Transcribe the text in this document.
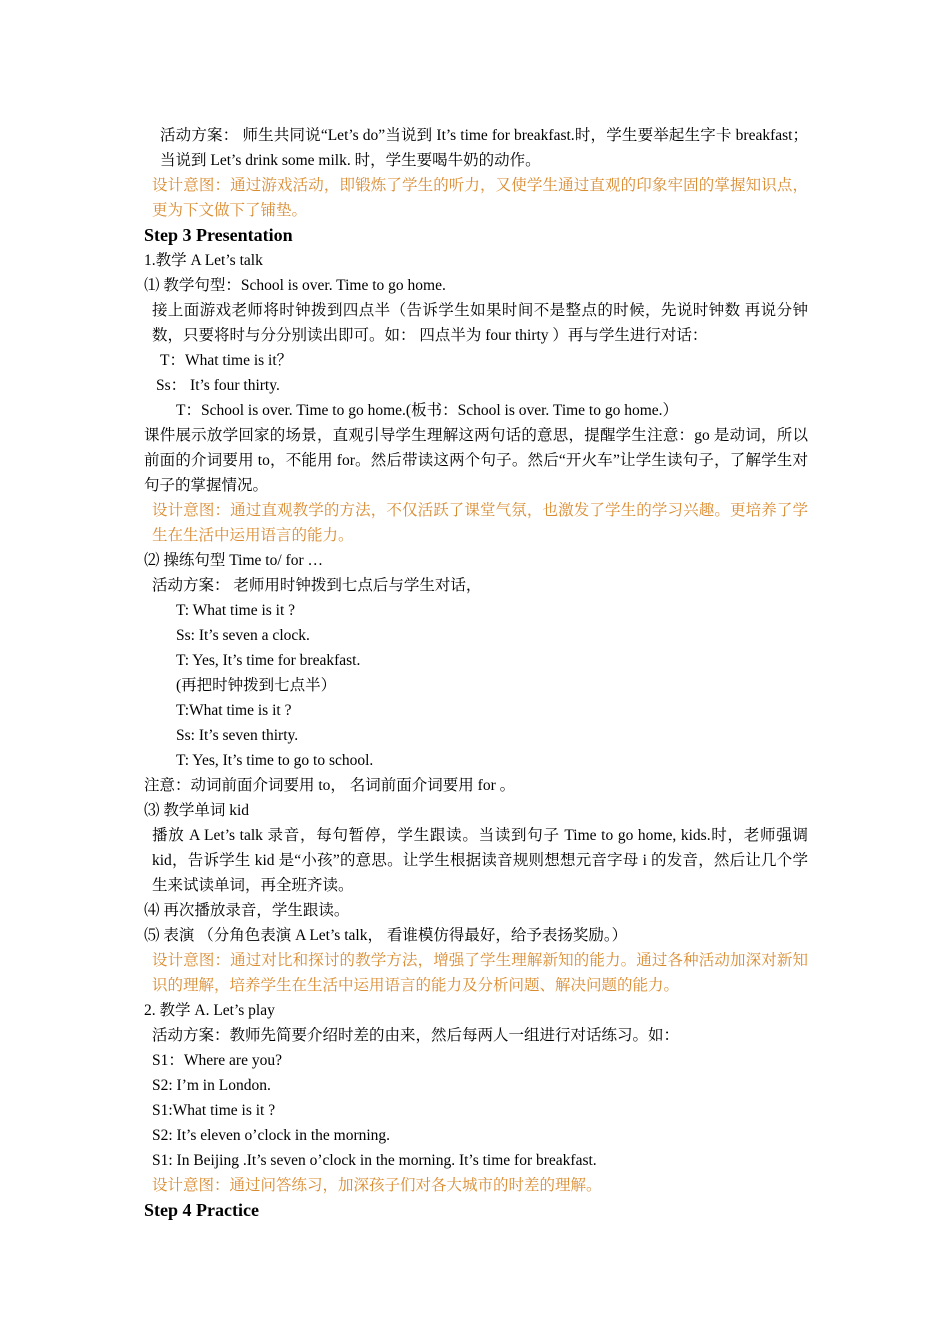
活动方案： 师生共同说“Let’s do”当说到 It’s time for breakfast.时，学生要举起生字卡 breakfast； 当说到 Let’s drink some milk. 时，学生要喝牛奶的动作。

设计意图：通过游戏活动，即锻炼了学生的听力，又使学生通过直观的印象牢固的掌握知识点，更为下文做下了铺垫。

Step 3 Presentation

1.教学 A Let’s talk

⑴ 教学句型：School is over. Time to go home.

接上面游戏老师将时钟拨到四点半（告诉学生如果时间不是整点的时候，先说时钟数 再说分钟数，只要将时与分分别读出即可。如： 四点半为 four thirty ）再与学生进行对话：

T：What time is it？

Ss： It’s four thirty.

T：School is over. Time to go home.(板书：School is over. Time to go home.）

课件展示放学回家的场景，直观引导学生理解这两句话的意思，提醒学生注意：go 是动词，所以前面的介词要用 to，不能用 for。然后带读这两个句子。然后“开火车”让学生读句子，了解学生对句子的掌握情况。

设计意图：通过直观教学的方法，不仅活跃了课堂气氛，也激发了学生的学习兴趣。更培养了学生在生活中运用语言的能力。

⑵ 操练句型 Time to/ for …

活动方案： 老师用时钟拨到七点后与学生对话，

T: What time is it ?

Ss: It’s seven a clock.

T: Yes, It’s time for breakfast.

(再把时钟拨到七点半）

T:What time is it ?

Ss: It’s seven thirty.

T: Yes, It’s time to go to school.

注意：动词前面介词要用 to， 名词前面介词要用 for 。

⑶ 教学单词 kid

播放 A Let’s talk 录音，每句暂停，学生跟读。当读到句子 Time to go home, kids.时，老师强调 kid，告诉学生 kid 是“小孩”的意思。让学生根据读音规则想想元音字母 i 的发音，然后让几个学生来试读单词，再全班齐读。

⑷ 再次播放录音，学生跟读。

⑸ 表演 （分角色表演 A Let’s talk， 看谁模仿得最好，给予表扬奖励。）

设计意图：通过对比和探讨的教学方法，增强了学生理解新知的能力。通过各种活动加深对新知识的理解，培养学生在生活中运用语言的能力及分析问题、解决问题的能力。

2. 教学 A. Let’s play

活动方案：教师先简要介绍时差的由来，然后每两人一组进行对话练习。如：

S1：Where are you?

S2: I’m in London.

S1:What time is it ?

S2: It’s eleven o’clock in the morning.

S1: In Beijing .It’s seven o’clock in the morning. It’s time for breakfast.

设计意图：通过问答练习，加深孩子们对各大城市的时差的理解。

Step 4 Practice
